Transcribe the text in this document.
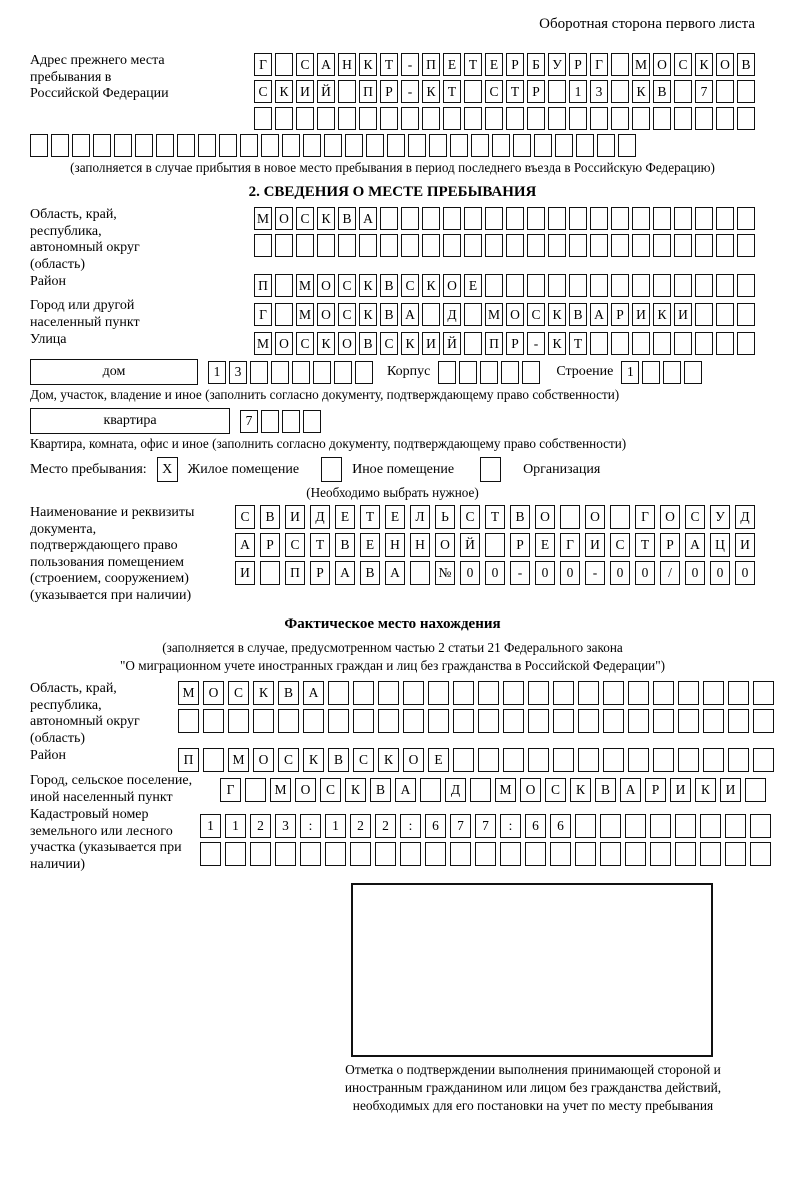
Оборотная сторона первого листа
Адрес прежнего места пребывания в Российской Федерации
Г	С А Н К Т	-	П Е Т Е Р Б У Р Г	М О С К О В
С К И Й	П Р	-	К Т	С Т Р	1	3	К В	7
(заполняется в случае прибытия в новое место пребывания в период последнего въезда в Российскую Федерацию)
2. СВЕДЕНИЯ О МЕСТЕ ПРЕБЫВАНИЯ
Область, край, республика, автономный округ (область)
М О С К В А
Район	П	М О С К В С К О Е
Город или другой населенный пункт
Г	М О С К В А	Д	М О С К В А Р И К И
Улица	М О С К О В С К И Й	П Р	-	К Т
дом	1	3	Корпус	Строение	1
Дом, участок, владение и иное (заполнить согласно документу, подтверждающему право собственности)
квартира	7
Квартира, комната, офис и иное (заполнить согласно документу, подтверждающему право собственности)
Место пребывания:	X	Жилое помещение	Иное помещение	Организация
(Необходимо выбрать нужное)
Наименование и реквизиты документа, подтверждающего право пользования помещением (строением, сооружением) (указывается при наличии)
С	В	И	Д	Е	Т	Е	Л	Ь	С	Т	В	О	О	Г	О	С	У	Д
А	Р	С	Т	В	Е	Н	Н	О	Й	Р	Е	Г	И	С	Т	Р	А	Ц	И
И	П	Р	А	В	А	№	0	0	-	0	0	-	0	0	/	0	0	0
Фактическое место нахождения
(заполняется в случае, предусмотренном частью 2 статьи 21 Федерального закона
"О миграционном учете иностранных граждан и лиц без гражданства в Российской Федерации")
Область, край, республика, автономный округ (область)
М	О	С	К	В	А
Район	П	М	О	С	К	В	С	К	О	Е
Город, сельское поселение, иной населенный пункт
Г	М	О	С	К	В	А	Д	М	О	С	К	В	А	Р	И	К	И
Кадастровый номер земельного или лесного участка (указывается при наличии)
1	1	2	3	:	1	2	2	:	6	7	7	:	6	6
Отметка о подтверждении выполнения принимающей стороной и иностранным гражданином или лицом без гражданства действий, необходимых для его постановки на учет по месту пребывания
